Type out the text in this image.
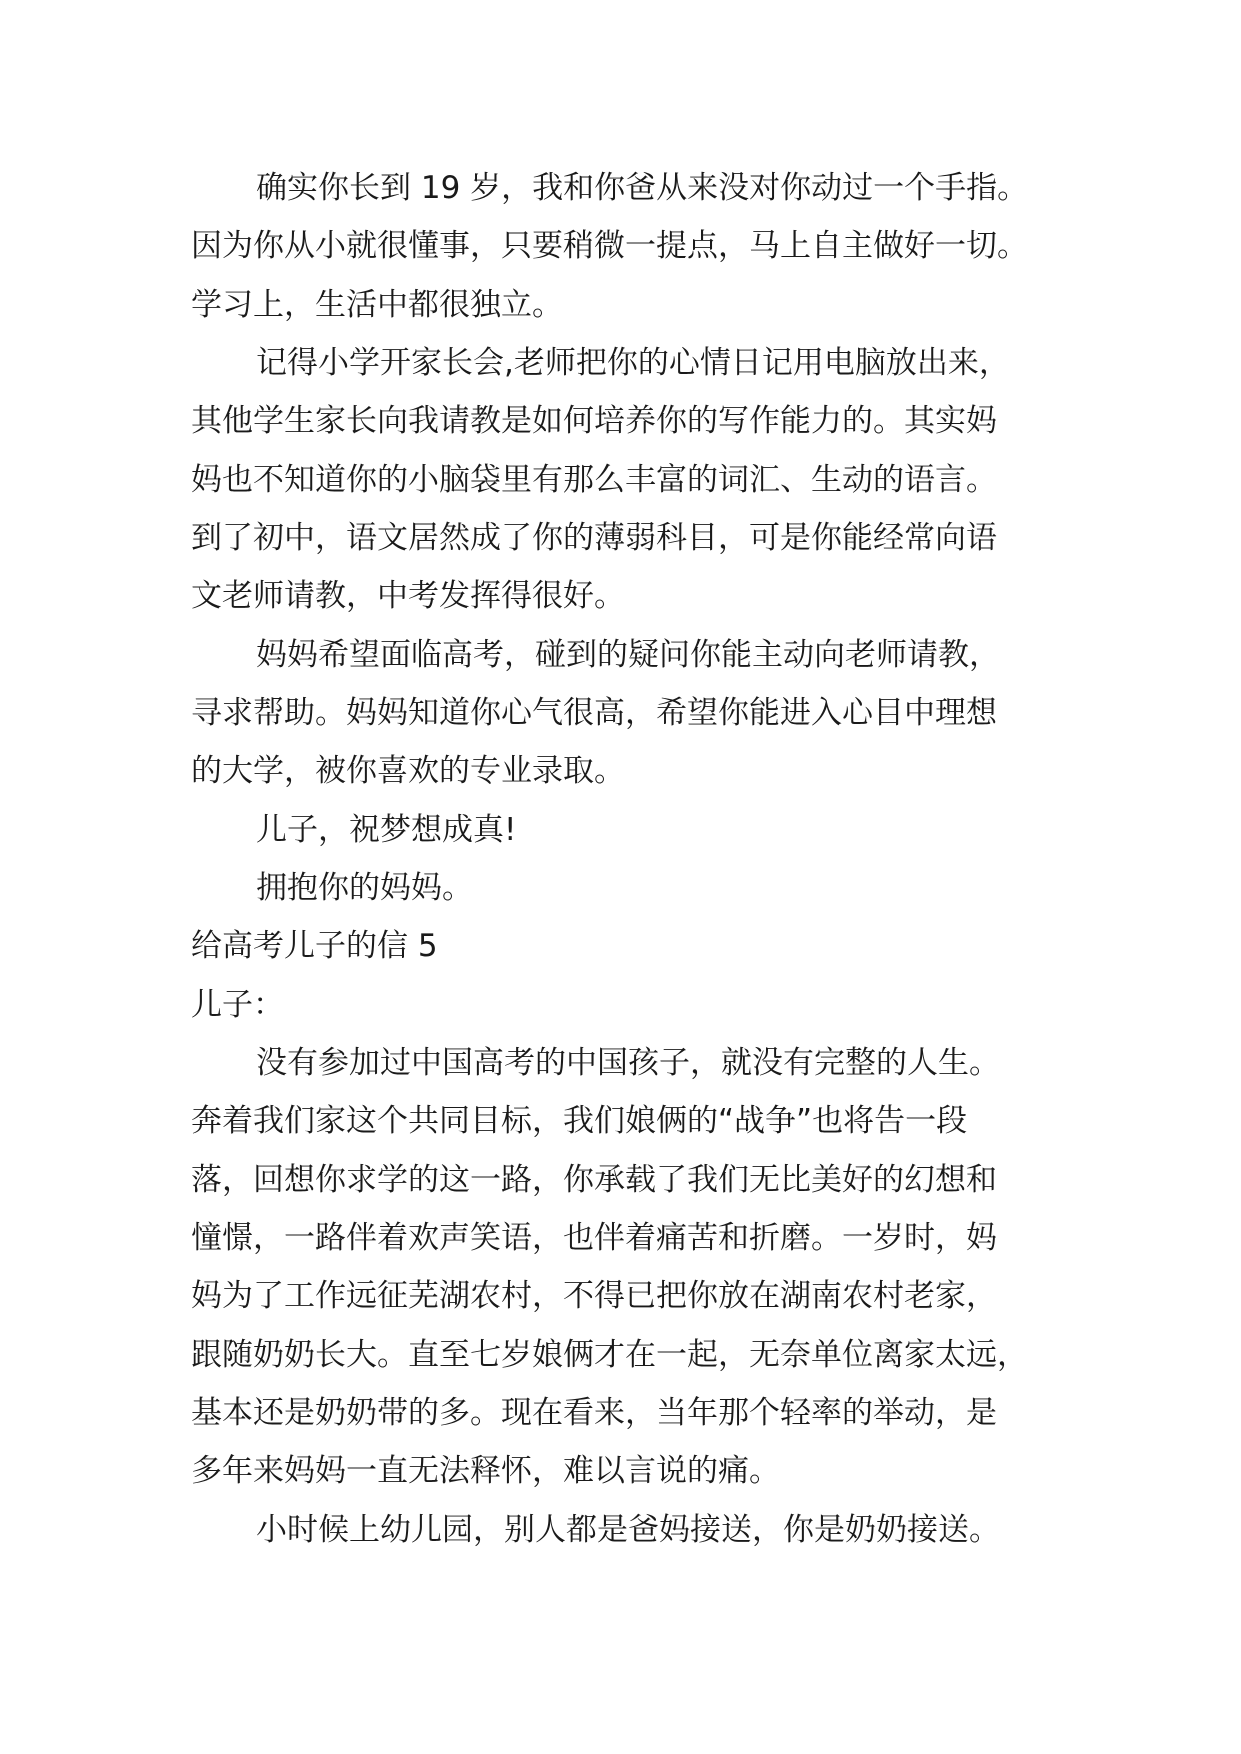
确实你长到 19 岁，我和你爸从来没对你动过一个手指。
因为你从小就很懂事，只要稍微一提点，马上自主做好一切。
学习上，生活中都很独立。
记得小学开家长会,老师把你的心情日记用电脑放出来，
其他学生家长向我请教是如何培养你的写作能力的。其实妈
妈也不知道你的小脑袋里有那么丰富的词汇、生动的语言。
到了初中，语文居然成了你的薄弱科目，可是你能经常向语
文老师请教，中考发挥得很好。
妈妈希望面临高考，碰到的疑问你能主动向老师请教，
寻求帮助。妈妈知道你心气很高，希望你能进入心目中理想
的大学，被你喜欢的专业录取。
儿子，祝梦想成真!
拥抱你的妈妈。
给高考儿子的信 5
儿子：
没有参加过中国高考的中国孩子，就没有完整的人生。
奔着我们家这个共同目标，我们娘俩的“战争”也将告一段
落，回想你求学的这一路，你承载了我们无比美好的幻想和
憧憬，一路伴着欢声笑语，也伴着痛苦和折磨。一岁时，妈
妈为了工作远征芜湖农村，不得已把你放在湖南农村老家，
跟随奶奶长大。直至七岁娘俩才在一起，无奈单位离家太远，
基本还是奶奶带的多。现在看来，当年那个轻率的举动，是
多年来妈妈一直无法释怀，难以言说的痛。
小时候上幼儿园，别人都是爸妈接送，你是奶奶接送。
